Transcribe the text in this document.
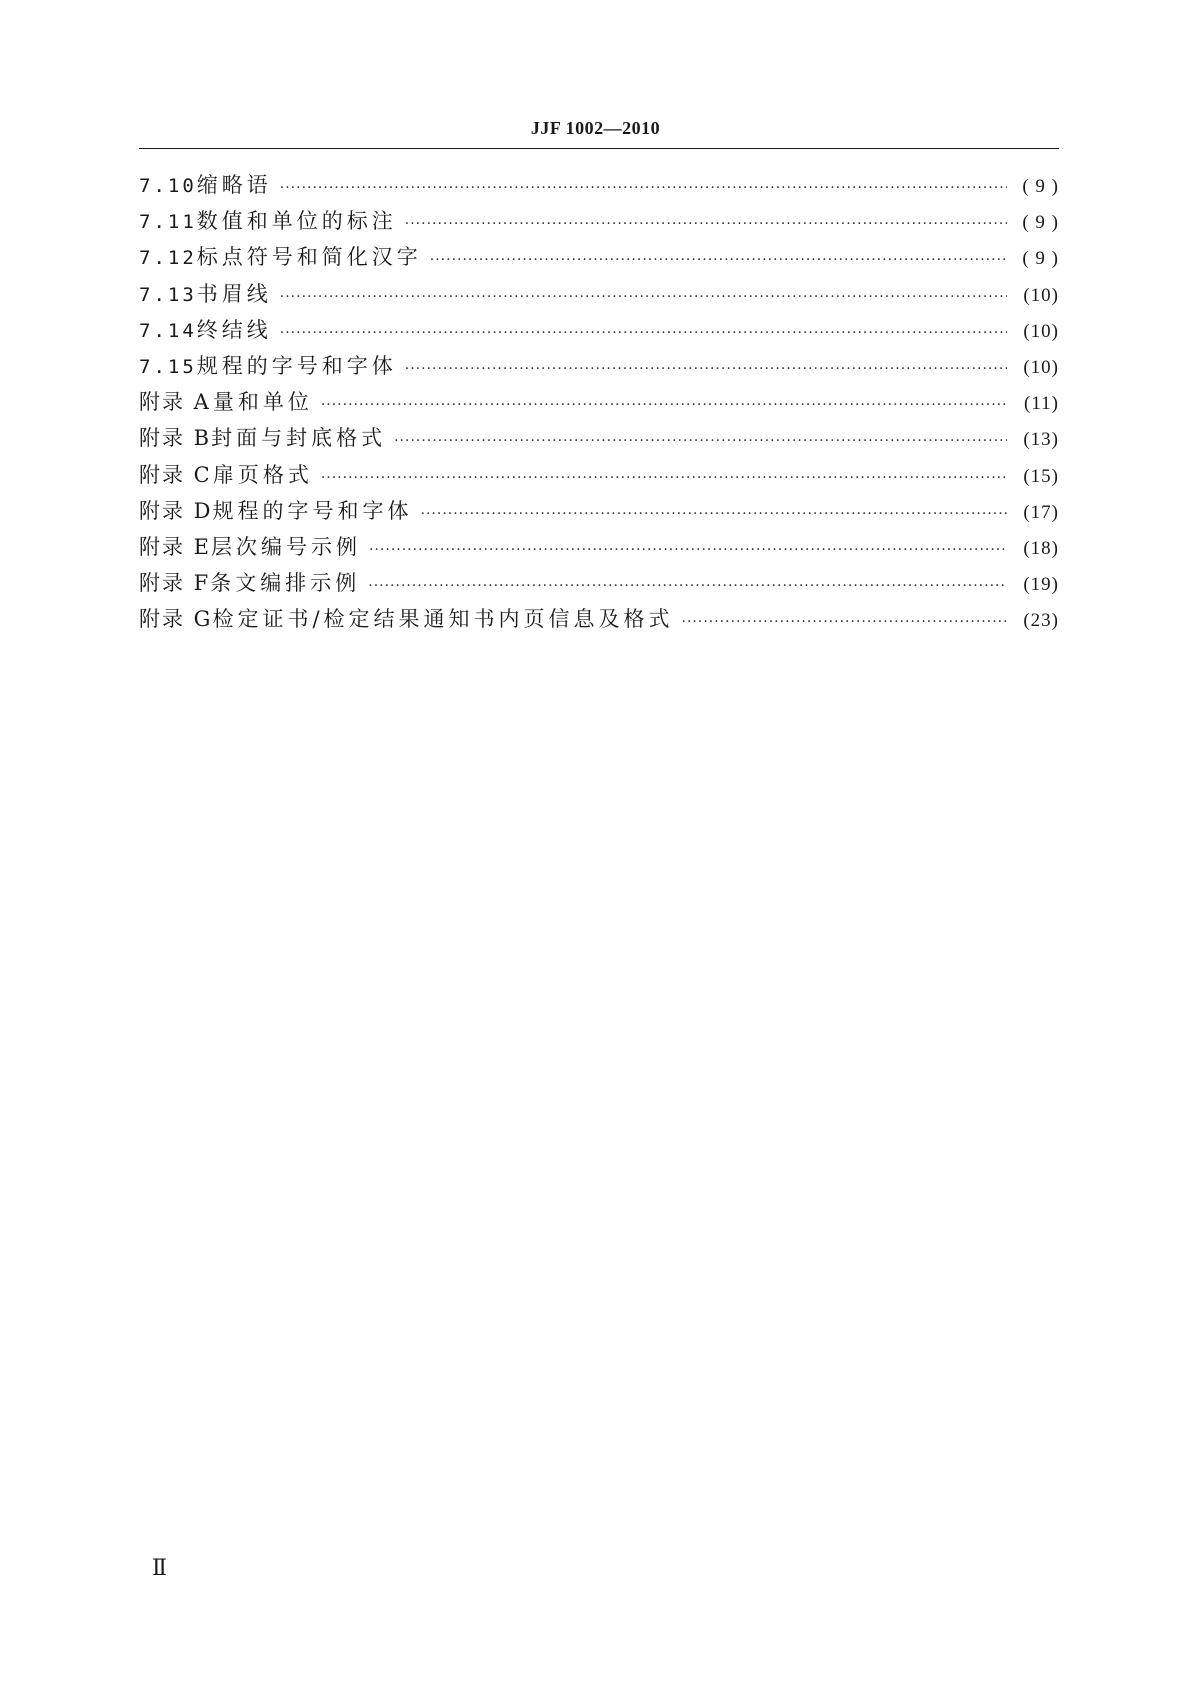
JJF 1002—2010
7.10 缩略语 ·····	( 9 )
7.11 数值和单位的标注 ·····	( 9 )
7.12 标点符号和简化汉字 ·····	( 9 )
7.13 书眉线 ·····	(10)
7.14 终结线 ·····	(10)
7.15 规程的字号和字体 ·····	(10)
附录 A 量和单位 ·····	(11)
附录 B 封面与封底格式 ·····	(13)
附录 C 扉页格式 ·····	(15)
附录 D 规程的字号和字体 ·····	(17)
附录 E 层次编号示例 ·····	(18)
附录 F 条文编排示例 ·····	(19)
附录 G 检定证书/检定结果通知书内页信息及格式 ·····	(23)
Ⅱ
